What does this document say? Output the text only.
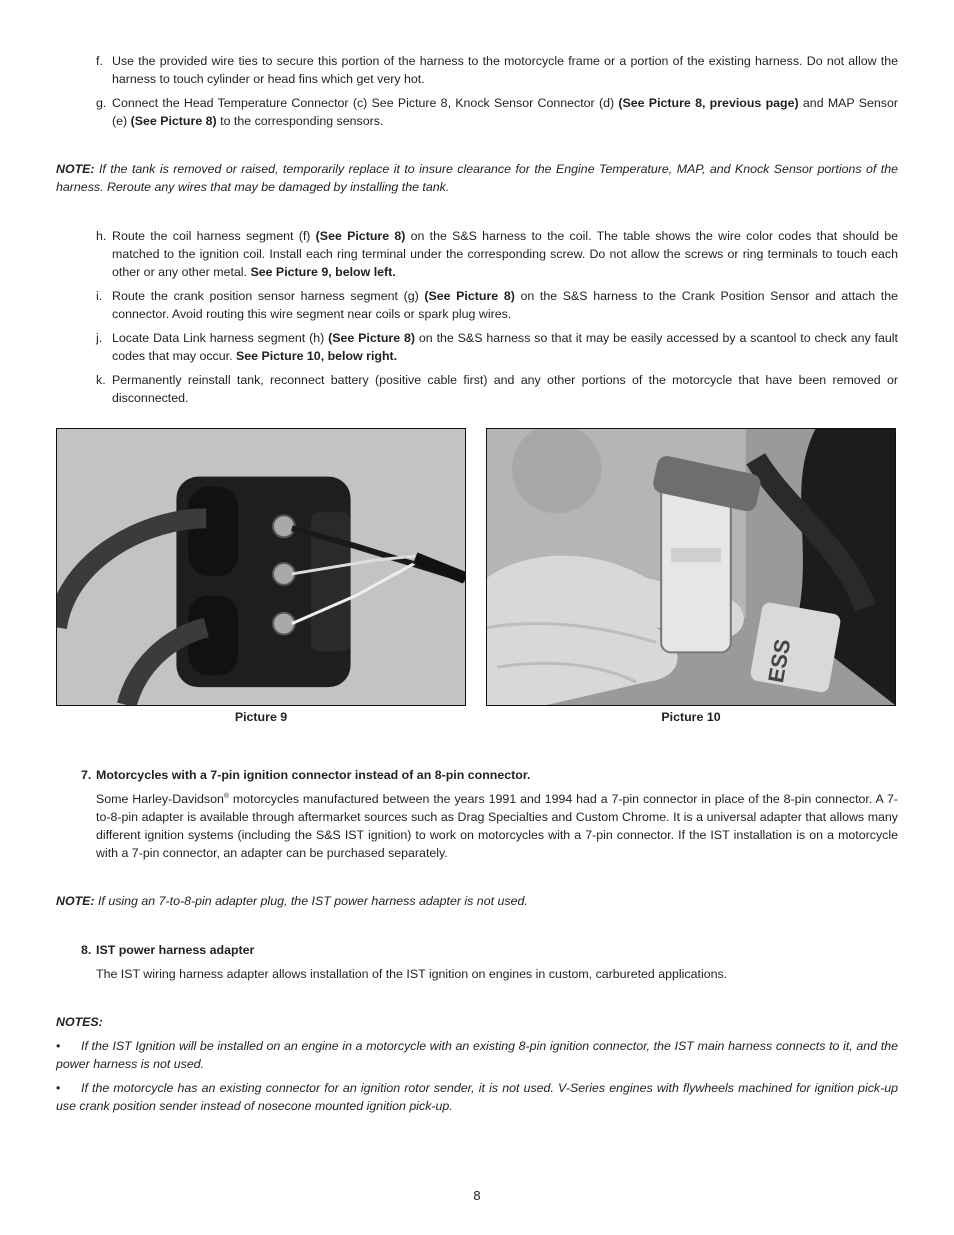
f. Use the provided wire ties to secure this portion of the harness to the motorcycle frame or a portion of the existing harness. Do not allow the harness to touch cylinder or head fins which get very hot.
g. Connect the Head Temperature Connector (c) See Picture 8, Knock Sensor Connector (d) (See Picture 8, previous page) and MAP Sensor (e) (See Picture 8) to the corresponding sensors.
NOTE: If the tank is removed or raised, temporarily replace it to insure clearance for the Engine Temperature, MAP, and Knock Sensor portions of the harness. Reroute any wires that may be damaged by installing the tank.
h. Route the coil harness segment (f) (See Picture 8) on the S&S harness to the coil. The table shows the wire color codes that should be matched to the ignition coil. Install each ring terminal under the corresponding screw. Do not allow the screws or ring terminals to touch each other or any other metal. See Picture 9, below left.
i. Route the crank position sensor harness segment (g) (See Picture 8) on the S&S harness to the Crank Position Sensor and attach the connector. Avoid routing this wire segment near coils or spark plug wires.
j. Locate Data Link harness segment (h) (See Picture 8) on the S&S harness so that it may be easily accessed by a scantool to check any fault codes that may occur. See Picture 10, below right.
k. Permanently reinstall tank, reconnect battery (positive cable first) and any other portions of the motorcycle that have been removed or disconnected.
Picture 9
ESS
Picture 10
7. Motorcycles with a 7-pin ignition connector instead of an 8-pin connector.
Some Harley-Davidson® motorcycles manufactured between the years 1991 and 1994 had a 7-pin connector in place of the 8-pin connector. A 7-to-8-pin adapter is available through aftermarket sources such as Drag Specialties and Custom Chrome. It is a universal adapter that allows many different ignition systems (including the S&S IST ignition) to work on motorcycles with a 7-pin connector. If the IST installation is on a motorcycle with a 7-pin connector, an adapter can be purchased separately.
NOTE: If using an 7-to-8-pin adapter plug, the IST power harness adapter is not used.
8. IST power harness adapter
The IST wiring harness adapter allows installation of the IST ignition on engines in custom, carbureted applications.
NOTES:
• If the IST Ignition will be installed on an engine in a motorcycle with an existing 8-pin ignition connector, the IST main harness connects to it, and the power harness is not used.
• If the motorcycle has an existing connector for an ignition rotor sender, it is not used. V-Series engines with flywheels machined for ignition pick-up use crank position sender instead of nosecone mounted ignition pick-up.
8
